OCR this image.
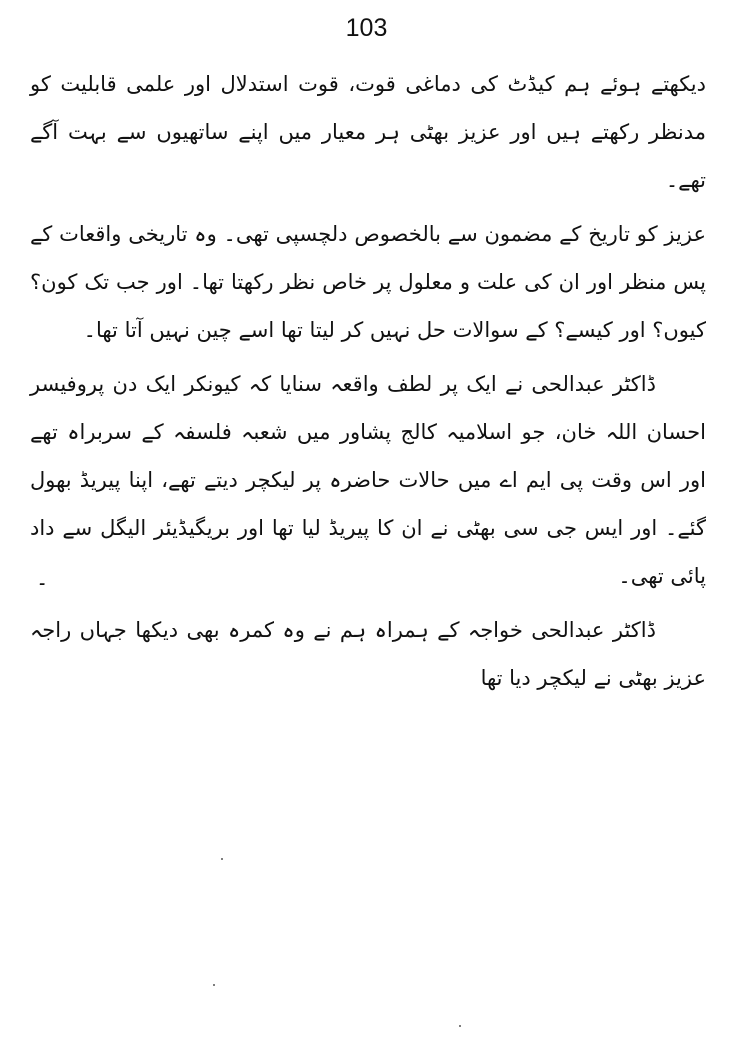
103

دیکھتے ہوئے ہم کیڈٹ کی دماغی قوت، قوت استدلال اور علمی قابلیت کو مدنظر رکھتے ہیں اور عزیز بھٹی ہر معیار میں اپنے ساتھیوں سے بہت آگے تھے۔

عزیز کو تاریخ کے مضمون سے بالخصوص دلچسپی تھی۔ وہ تاریخی واقعات کے پس منظر اور ان کی علت و معلول پر خاص نظر رکھتا تھا۔ اور جب تک کون؟ کیوں؟ اور کیسے؟ کے سوالات حل نہیں کر لیتا تھا اسے چین نہیں آتا تھا۔

ڈاکٹر عبدالحی نے ایک پر لطف واقعہ سنایا کہ کیونکر ایک دن پروفیسر احسان اللہ خان، جو اسلامیہ کالج پشاور میں شعبہ فلسفہ کے سربراہ تھے اور اس وقت پی ایم اے میں حالات حاضرہ پر لیکچر دیتے تھے، اپنا پیریڈ بھول گئے۔ اور ایس جی سی بھٹی نے ان کا پیریڈ لیا تھا اور بریگیڈیئر الیگل سے داد پائی تھی۔

ڈاکٹر عبدالحی خواجہ کے ہمراہ ہم نے وہ کمرہ بھی دیکھا جہاں راجہ عزیز بھٹی نے لیکچر دیا تھا

۔
